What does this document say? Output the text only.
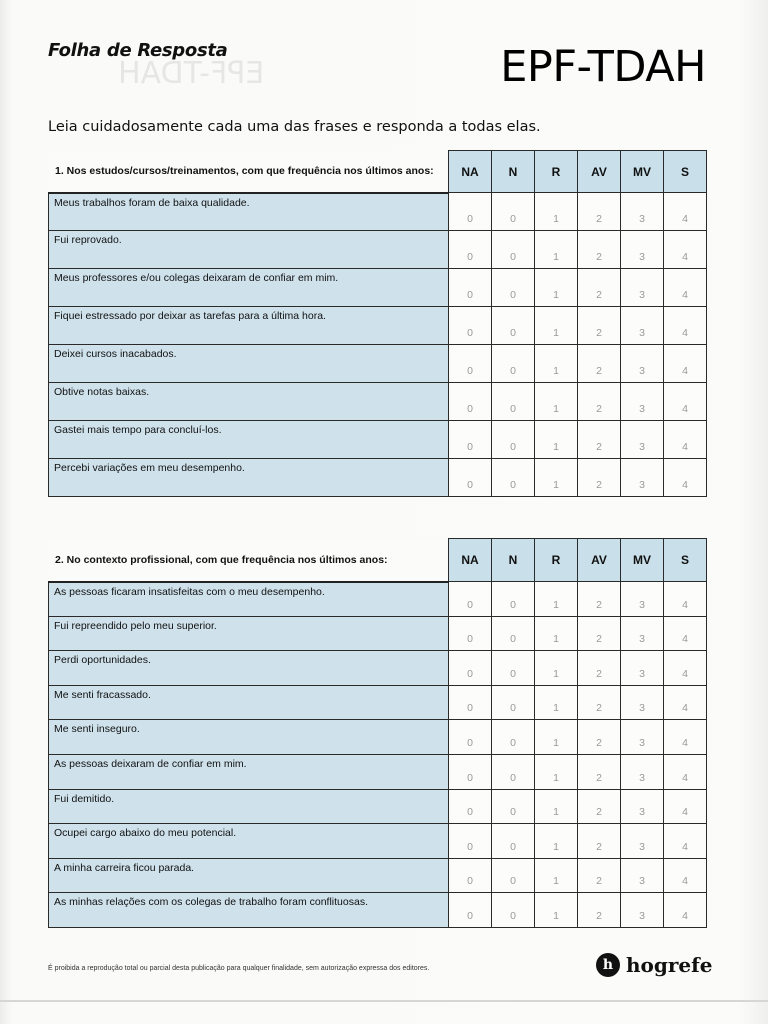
EPF-TDAH
Folha de Resposta	EPF-TDAH
Leia cuidadosamente cada uma das frases e responda a todas elas.
1. Nos estudos/cursos/treinamentos, com que frequência nos últimos anos:	NA	N	R	AV	MV	S
Meus trabalhos foram de baixa qualidade.	0	0	1	2	3	4
Fui reprovado.	0	0	1	2	3	4
Meus professores e/ou colegas deixaram de confiar em mim.	0	0	1	2	3	4
Fiquei estressado por deixar as tarefas para a última hora.	0	0	1	2	3	4
Deixei cursos inacabados.	0	0	1	2	3	4
Obtive notas baixas.	0	0	1	2	3	4
Gastei mais tempo para concluí-los.	0	0	1	2	3	4
Percebi variações em meu desempenho.	0	0	1	2	3	4
2. No contexto profissional, com que frequência nos últimos anos:	NA	N	R	AV	MV	S
As pessoas ficaram insatisfeitas com o meu desempenho.	0	0	1	2	3	4
Fui repreendido pelo meu superior.	0	0	1	2	3	4
Perdi oportunidades.	0	0	1	2	3	4
Me senti fracassado.	0	0	1	2	3	4
Me senti inseguro.	0	0	1	2	3	4
As pessoas deixaram de confiar em mim.	0	0	1	2	3	4
Fui demitido.	0	0	1	2	3	4
Ocupei cargo abaixo do meu potencial.	0	0	1	2	3	4
A minha carreira ficou parada.	0	0	1	2	3	4
As minhas relações com os colegas de trabalho foram conflituosas.	0	0	1	2	3	4
É proibida a reprodução total ou parcial desta publicação para qualquer finalidade, sem autorização expressa dos editores.	h hogrefe
